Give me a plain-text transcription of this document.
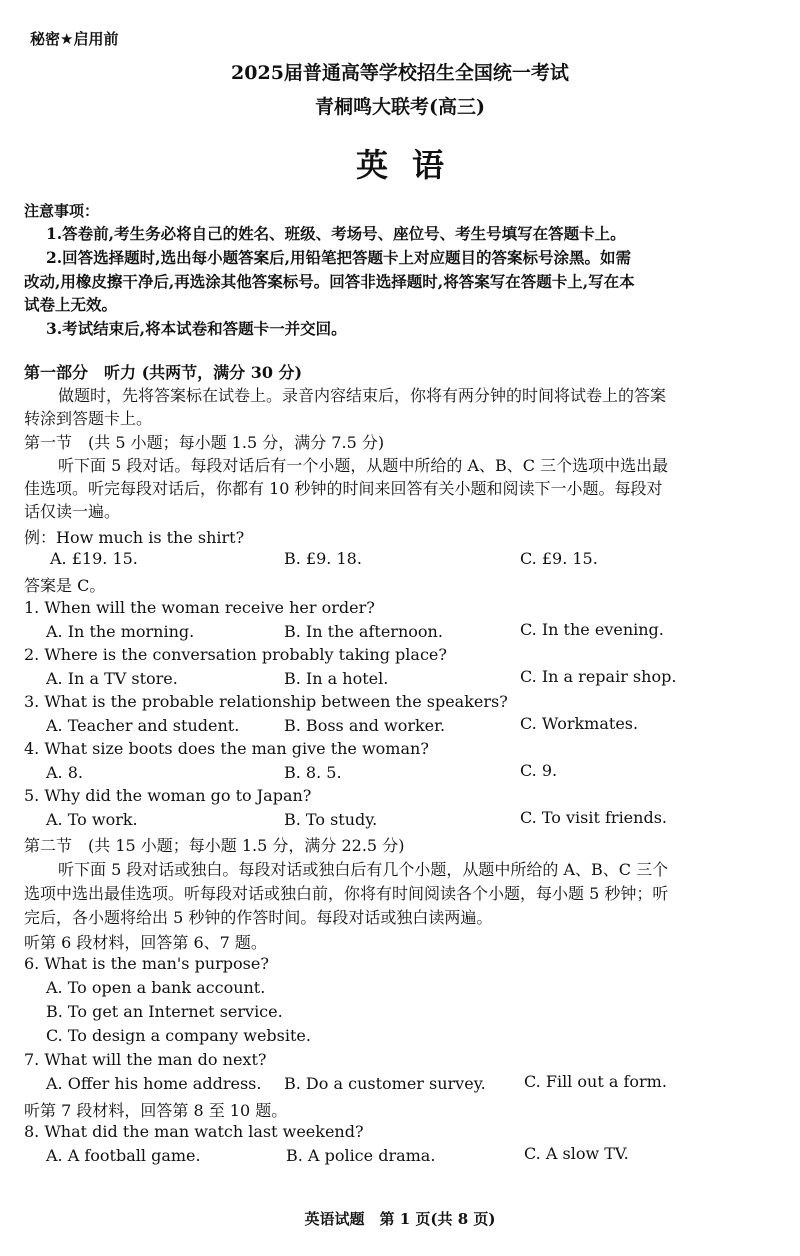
秘密★启用前
2025届普通高等学校招生全国统一考试
青桐鸣大联考(高三)
英语
注意事项：
1.答卷前,考生务必将自己的姓名、班级、考场号、座位号、考生号填写在答题卡上。
2.回答选择题时,选出每小题答案后,用铅笔把答题卡上对应题目的答案标号涂黑。如需
改动,用橡皮擦干净后,再选涂其他答案标号。回答非选择题时,将答案写在答题卡上,写在本
试卷上无效。
3.考试结束后,将本试卷和答题卡一并交回。
第一部分　听力 (共两节，满分 30 分)
做题时，先将答案标在试卷上。录音内容结束后，你将有两分钟的时间将试卷上的答案
转涂到答题卡上。
第一节　(共 5 小题；每小题 1.5 分，满分 7.5 分)
听下面 5 段对话。每段对话后有一个小题，从题中所给的 A、B、C 三个选项中选出最
佳选项。听完每段对话后，你都有 10 秒钟的时间来回答有关小题和阅读下一小题。每段对
话仅读一遍。
例：How much is the shirt?
A. £19. 15.	B. £9. 18.	C. £9. 15.
答案是 C。
1. When will the woman receive her order?
A. In the morning.	B. In the afternoon.	C. In the evening.
2. Where is the conversation probably taking place?
A. In a TV store.	B. In a hotel.	C. In a repair shop.
3. What is the probable relationship between the speakers?
A. Teacher and student.	B. Boss and worker.	C. Workmates.
4. What size boots does the man give the woman?
A. 8.	B. 8. 5.	C. 9.
5. Why did the woman go to Japan?
A. To work.	B. To study.	C. To visit friends.
第二节　(共 15 小题；每小题 1.5 分，满分 22.5 分)
听下面 5 段对话或独白。每段对话或独白后有几个小题，从题中所给的 A、B、C 三个
选项中选出最佳选项。听每段对话或独白前，你将有时间阅读各个小题，每小题 5 秒钟；听
完后，各小题将给出 5 秒钟的作答时间。每段对话或独白读两遍。
听第 6 段材料，回答第 6、7 题。
6. What is the man's purpose?
A. To open a bank account.
B. To get an Internet service.
C. To design a company website.
7. What will the man do next?
A. Offer his home address. B. Do a customer survey. C. Fill out a form.
听第 7 段材料，回答第 8 至 10 题。
8. What did the man watch last weekend?
A. A football game.	B. A police drama.	C. A slow TV.
英语试题　第 1 页(共 8 页)
